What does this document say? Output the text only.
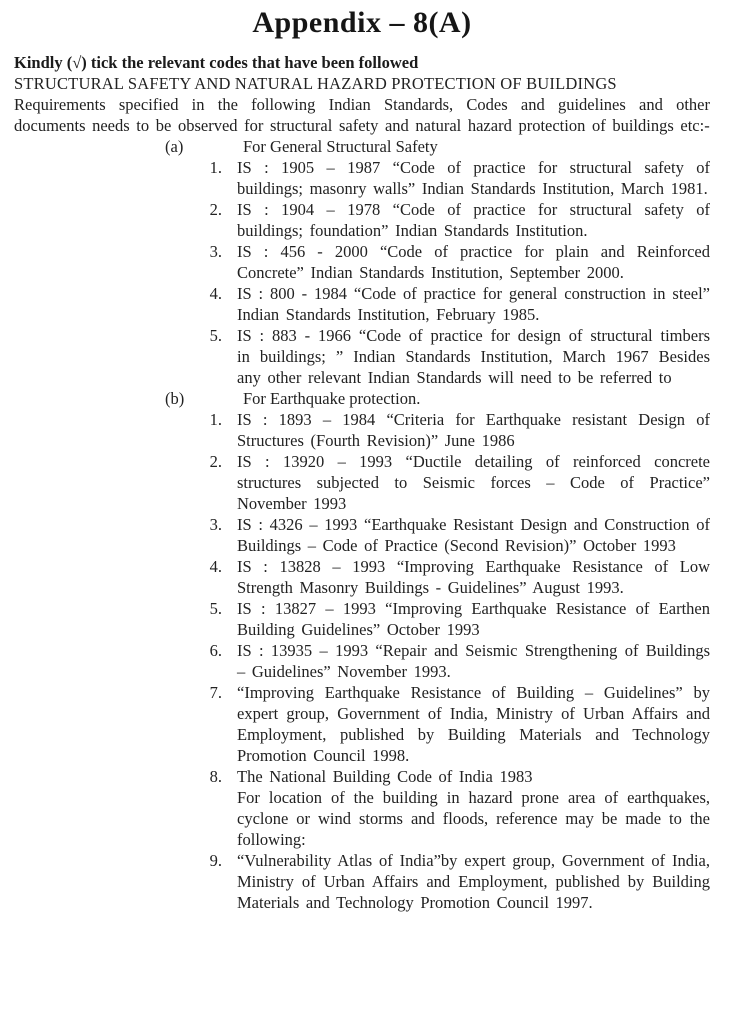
Appendix – 8(A)

Kindly (√) tick the relevant codes that have been followed

STRUCTURAL SAFETY AND NATURAL HAZARD PROTECTION OF BUILDINGS

Requirements specified in the following Indian Standards, Codes and guidelines and other documents needs to be observed for structural safety and natural hazard protection of buildings etc:-

(a)	For General Structural Safety
1. IS : 1905 – 1987 “Code of practice for structural safety of buildings; masonry walls” Indian Standards Institution, March 1981.
2. IS : 1904 – 1978 “Code of practice for structural safety of buildings; foundation” Indian Standards Institution.
3. IS : 456 - 2000 “Code of practice for plain and Reinforced Concrete” Indian Standards Institution, September 2000.
4. IS : 800 - 1984 “Code of practice for general construction in steel” Indian Standards Institution, February 1985.
5. IS : 883 - 1966 “Code of practice for design of structural timbers in buildings; ” Indian Standards Institution, March 1967 Besides any other relevant Indian Standards will need to be referred to
(b)	For Earthquake protection.
1. IS : 1893 – 1984 “Criteria for Earthquake resistant Design of Structures (Fourth Revision)” June 1986
2. IS : 13920 – 1993 “Ductile detailing of reinforced concrete structures subjected to Seismic forces – Code of Practice” November 1993
3. IS : 4326 – 1993 “Earthquake Resistant Design and Construction of Buildings – Code of Practice (Second Revision)” October 1993
4. IS : 13828 – 1993 “Improving Earthquake Resistance of Low Strength Masonry Buildings - Guidelines” August 1993.
5. IS : 13827 – 1993 “Improving Earthquake Resistance of Earthen Building Guidelines” October 1993
6. IS : 13935 – 1993 “Repair and Seismic Strengthening of Buildings – Guidelines” November 1993.
7. “Improving Earthquake Resistance of Building – Guidelines” by expert group, Government of India, Ministry of Urban Affairs and Employment, published by Building Materials and Technology Promotion Council 1998.
8. The National Building Code of India 1983
For location of the building in hazard prone area of earthquakes, cyclone or wind storms and floods, reference may be made to the following:
9. “Vulnerability Atlas of India”by expert group, Government of India, Ministry of Urban Affairs and Employment, published by Building Materials and Technology Promotion Council 1997.
